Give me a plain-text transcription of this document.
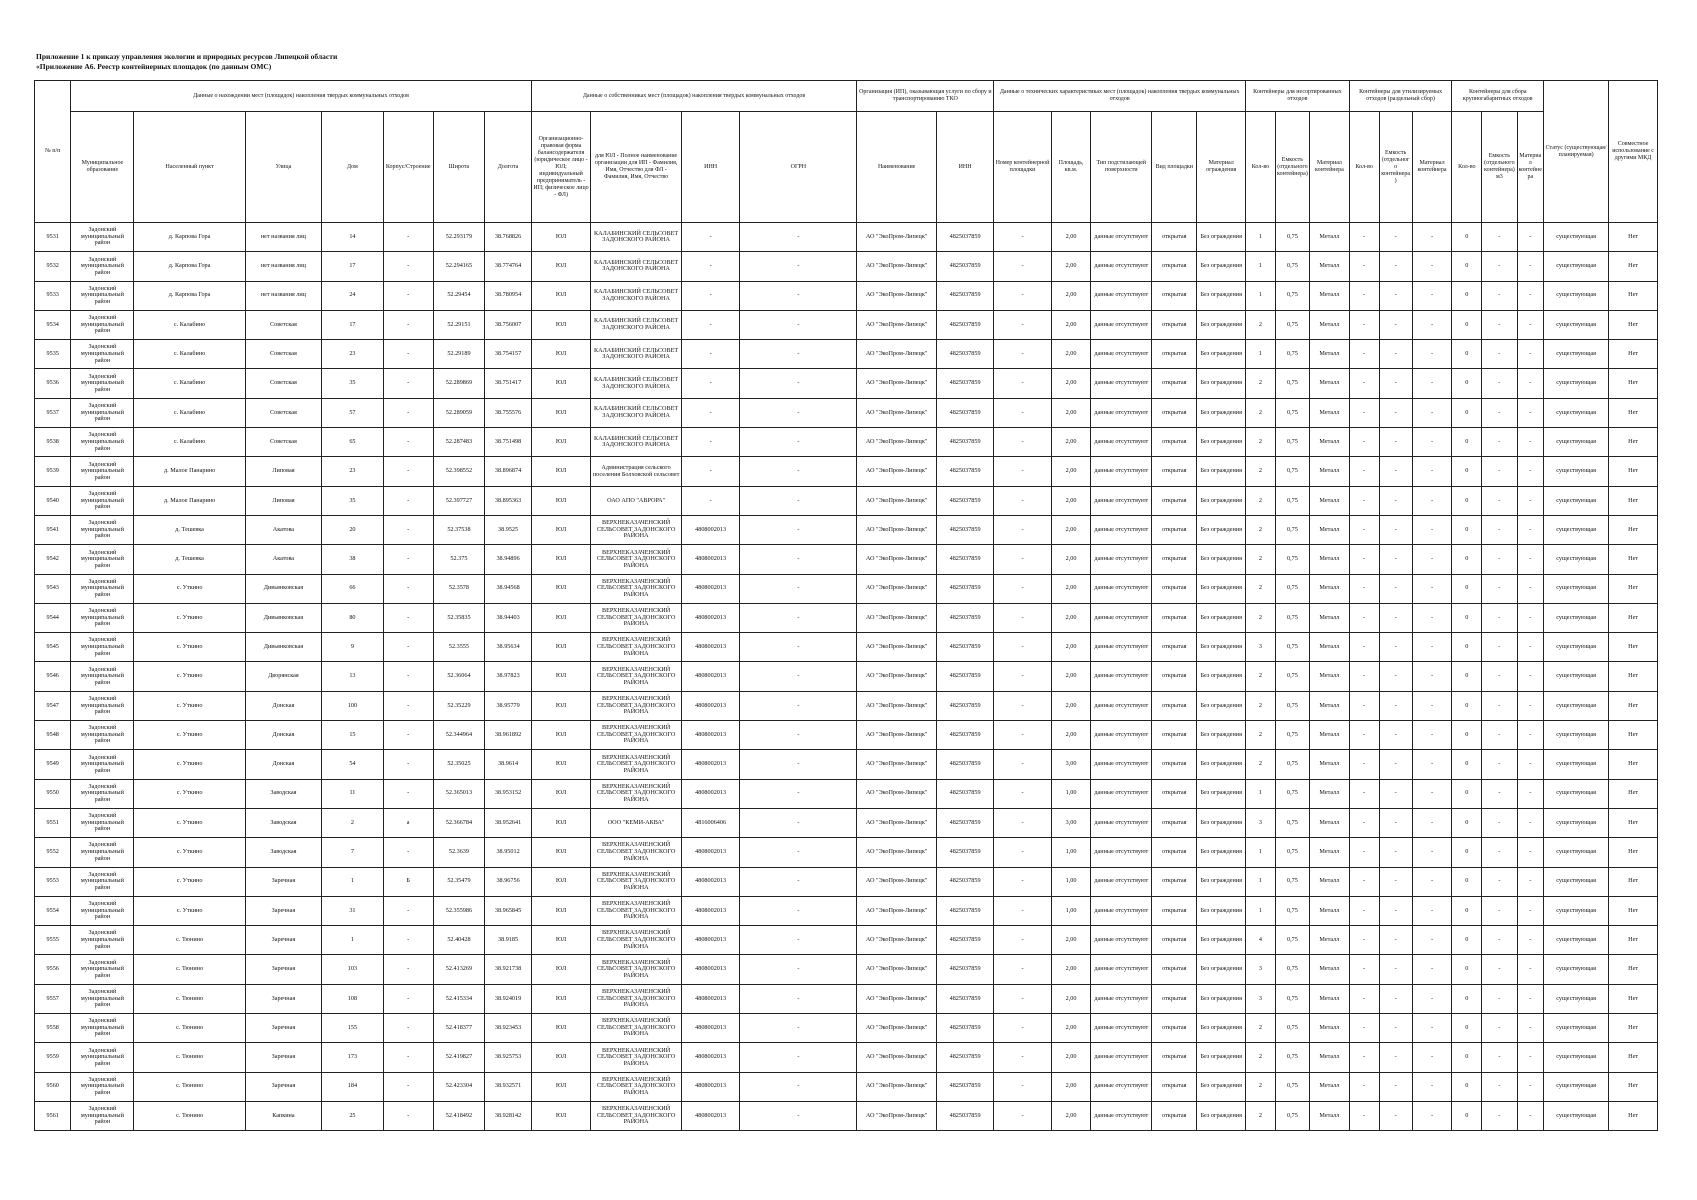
Приложение 1 к приказу управления экологии и природных ресурсов Липецкой области
«Приложение А6. Реестр контейнерных площадок (по данным ОМС)
№ п/п	Данные о нахождении мест (площадок) накопления твердых коммунальных отходов							Данные о собственниках мест (площадок) накопления твердых коммунальных отходов				Организация (ИП), оказывающая услуги по сбору и транспортированию ТКО		Данные о технических характеристиках мест (площадок) накопления твердых коммунальных отходов					Контейнеры для несортированных отходов			Контейнеры для утилизируемых отходов (раздельный сбор)			Контейнеры для сбора крупногабаритных отходов			Статус (существующая/ планируемая)	Совместное использование с другими МКД
	Муниципальное образование	Населенный пункт	Улица	Дом	Корпус/Строение	Широта	Долгота	Организационно-правовая форма балансодержателя (юридическое лицо - ЮЛ; индивидуальный предприниматель - ИП; физическое лицо - ФЛ)	для ЮЛ - Полное наименование организации для ИП - Фамилия, Имя, Отчество для ФЛ - Фамилия, Имя, Отчество	ИНН	ОГРН	Наименование	ИНН	Номер контейнерной площадки	Площадь, кв.м.	Тип подстилающей поверхности	Вид площадки	Материал ограждения	Кол-во	Емкость (отдельного контейнера)	Материал контейнера	Кол-во	Емкость (отдельного контейнера)	Материал контейнера	Кол-во	Емкость (отдельного контейнера) м3	Материал контейнера		
9531	Задонский муниципальный район	д. Карпова Гора	нет названия лиц	14	-	52.293179	38.768826	ЮЛ	КАЛАБИНСКИЙ СЕЛЬСОВЕТ ЗАДОНСКОГО РАЙОНА	-	-	АО "ЭкоПром-Липецк"	4825037859	-	2,00	данные отсутствуют	открытая	Без ограждения	1	0,75	Металл	-	-	-	0	-	-	существующая	Нет
9532	Задонский муниципальный район	д. Карпова Гора	нет названия лиц	17	-	52.294165	38.774764	ЮЛ	КАЛАБИНСКИЙ СЕЛЬСОВЕТ ЗАДОНСКОГО РАЙОНА	-	-	АО "ЭкоПром-Липецк"	4825037859	-	2,00	данные отсутствуют	открытая	Без ограждения	1	0,75	Металл	-	-	-	0	-	-	существующая	Нет
9533	Задонский муниципальный район	д. Карпова Гора	нет названия лиц	24	-	52.29454	38.780954	ЮЛ	КАЛАБИНСКИЙ СЕЛЬСОВЕТ ЗАДОНСКОГО РАЙОНА	-	-	АО "ЭкоПром-Липецк"	4825037859	-	2,00	данные отсутствуют	открытая	Без ограждения	1	0,75	Металл	-	-	-	0	-	-	существующая	Нет
9534	Задонский муниципальный район	с. Калабино	Советская	17	-	52.29151	38.756007	ЮЛ	КАЛАБИНСКИЙ СЕЛЬСОВЕТ ЗАДОНСКОГО РАЙОНА	-	-	АО "ЭкоПром-Липецк"	4825037859	-	2,00	данные отсутствуют	открытая	Без ограждения	2	0,75	Металл	-	-	-	0	-	-	существующая	Нет
9535	Задонский муниципальный район	с. Калабино	Советская	23	-	52.29189	38.754157	ЮЛ	КАЛАБИНСКИЙ СЕЛЬСОВЕТ ЗАДОНСКОГО РАЙОНА	-	-	АО "ЭкоПром-Липецк"	4825037859	-	2,00	данные отсутствуют	открытая	Без ограждения	1	0,75	Металл	-	-	-	0	-	-	существующая	Нет
9536	Задонский муниципальный район	с. Калабино	Советская	35	-	52.289869	38.751417	ЮЛ	КАЛАБИНСКИЙ СЕЛЬСОВЕТ ЗАДОНСКОГО РАЙОНА	-	-	АО "ЭкоПром-Липецк"	4825037859	-	2,00	данные отсутствуют	открытая	Без ограждения	2	0,75	Металл	-	-	-	0	-	-	существующая	Нет
9537	Задонский муниципальный район	с. Калабино	Советская	57	-	52.289059	38.755576	ЮЛ	КАЛАБИНСКИЙ СЕЛЬСОВЕТ ЗАДОНСКОГО РАЙОНА	-	-	АО "ЭкоПром-Липецк"	4825037859	-	2,00	данные отсутствуют	открытая	Без ограждения	2	0,75	Металл	-	-	-	0	-	-	существующая	Нет
9538	Задонский муниципальный район	с. Калабино	Советская	65	-	52.287483	38.751498	ЮЛ	КАЛАБИНСКИЙ СЕЛЬСОВЕТ ЗАДОНСКОГО РАЙОНА	-	-	АО "ЭкоПром-Липецк"	4825037859	-	2,00	данные отсутствуют	открытая	Без ограждения	2	0,75	Металл	-	-	-	0	-	-	существующая	Нет
9539	Задонский муниципальный район	д. Малое Панарино	Липовая	23	-	52.398552	38.896874	ЮЛ	Администрация сельского поселения Болховской сельсовет	-	-	АО "ЭкоПром-Липецк"	4825037859	-	2,00	данные отсутствуют	открытая	Без ограждения	2	0,75	Металл	-	-	-	0	-	-	существующая	Нет
9540	Задонский муниципальный район	д. Малое Панарино	Липовая	35	-	52.397727	38.895363	ЮЛ	ОАО АПО "АВРОРА"	-	-	АО "ЭкоПром-Липецк"	4825037859	-	2,00	данные отсутствуют	открытая	Без ограждения	2	0,75	Металл	-	-	-	0	-	-	существующая	Нет
9541	Задонский муниципальный район	д. Тешевка	Акатова	20	-	52.37538	38.9525	ЮЛ	ВЕРХНЕКАЗАЧЕНСКИЙ СЕЛЬСОВЕТ ЗАДОНСКОГО РАЙОНА	4808002013	-	АО "ЭкоПром-Липецк"	4825037859	-	2,00	данные отсутствуют	открытая	Без ограждения	2	0,75	Металл	-	-	-	0	-	-	существующая	Нет
9542	Задонский муниципальный район	д. Тешевка	Акатова	38	-	52.375	38.94896	ЮЛ	ВЕРХНЕКАЗАЧЕНСКИЙ СЕЛЬСОВЕТ ЗАДОНСКОГО РАЙОНА	4808002013	-	АО "ЭкоПром-Липецк"	4825037859	-	2,00	данные отсутствуют	открытая	Без ограждения	2	0,75	Металл	-	-	-	0	-	-	существующая	Нет
9543	Задонский муниципальный район	с. Уткино	Дивьянковская	66	-	52.3578	38.94568	ЮЛ	ВЕРХНЕКАЗАЧЕНСКИЙ СЕЛЬСОВЕТ ЗАДОНСКОГО РАЙОНА	4808002013	-	АО "ЭкоПром-Липецк"	4825037859	-	2,00	данные отсутствуют	открытая	Без ограждения	2	0,75	Металл	-	-	-	0	-	-	существующая	Нет
9544	Задонский муниципальный район	с. Уткино	Дивьянковская	80	-	52.35835	38.94403	ЮЛ	ВЕРХНЕКАЗАЧЕНСКИЙ СЕЛЬСОВЕТ ЗАДОНСКОГО РАЙОНА	4808002013	-	АО "ЭкоПром-Липецк"	4825037859	-	2,00	данные отсутствуют	открытая	Без ограждения	2	0,75	Металл	-	-	-	0	-	-	существующая	Нет
9545	Задонский муниципальный район	с. Уткино	Дивьянковская	9	-	52.3555	38.95634	ЮЛ	ВЕРХНЕКАЗАЧЕНСКИЙ СЕЛЬСОВЕТ ЗАДОНСКОГО РАЙОНА	4808002013	-	АО "ЭкоПром-Липецк"	4825037859	-	2,00	данные отсутствуют	открытая	Без ограждения	3	0,75	Металл	-	-	-	0	-	-	существующая	Нет
9546	Задонский муниципальный район	с. Уткино	Дворянская	13	-	52.36064	38.97823	ЮЛ	ВЕРХНЕКАЗАЧЕНСКИЙ СЕЛЬСОВЕТ ЗАДОНСКОГО РАЙОНА	4808002013	-	АО "ЭкоПром-Липецк"	4825037859	-	2,00	данные отсутствуют	открытая	Без ограждения	2	0,75	Металл	-	-	-	0	-	-	существующая	Нет
9547	Задонский муниципальный район	с. Уткино	Донская	100	-	52.35229	38.95779	ЮЛ	ВЕРХНЕКАЗАЧЕНСКИЙ СЕЛЬСОВЕТ ЗАДОНСКОГО РАЙОНА	4808002013	-	АО "ЭкоПром-Липецк"	4825037859	-	2,00	данные отсутствуют	открытая	Без ограждения	2	0,75	Металл	-	-	-	0	-	-	существующая	Нет
9548	Задонский муниципальный район	с. Уткино	Донская	15	-	52.344964	38.961892	ЮЛ	ВЕРХНЕКАЗАЧЕНСКИЙ СЕЛЬСОВЕТ ЗАДОНСКОГО РАЙОНА	4808002013	-	АО "ЭкоПром-Липецк"	4825037859	-	2,00	данные отсутствуют	открытая	Без ограждения	2	0,75	Металл	-	-	-	0	-	-	существующая	Нет
9549	Задонский муниципальный район	с. Уткино	Донская	54	-	52.35025	38.9614	ЮЛ	ВЕРХНЕКАЗАЧЕНСКИЙ СЕЛЬСОВЕТ ЗАДОНСКОГО РАЙОНА	4808002013	-	АО "ЭкоПром-Липецк"	4825037859	-	3,00	данные отсутствуют	открытая	Без ограждения	2	0,75	Металл	-	-	-	0	-	-	существующая	Нет
9550	Задонский муниципальный район	с. Уткино	Заводская	11	-	52.365013	38.953152	ЮЛ	ВЕРХНЕКАЗАЧЕНСКИЙ СЕЛЬСОВЕТ ЗАДОНСКОГО РАЙОНА	4808002013	-	АО "ЭкоПром-Липецк"	4825037859	-	1,00	данные отсутствуют	открытая	Без ограждения	1	0,75	Металл	-	-	-	0	-	-	существующая	Нет
9551	Задонский муниципальный район	с. Уткино	Заводская	2	а	52.366784	38.952641	ЮЛ	ООО "КЕМИ-АКВА"	4816006406	-	АО "ЭкоПром-Липецк"	4825037859	-	3,00	данные отсутствуют	открытая	Без ограждения	3	0,75	Металл	-	-	-	0	-	-	существующая	Нет
9552	Задонский муниципальный район	с. Уткино	Заводская	7	-	52.3639	38.95012	ЮЛ	ВЕРХНЕКАЗАЧЕНСКИЙ СЕЛЬСОВЕТ ЗАДОНСКОГО РАЙОНА	4808002013	-	АО "ЭкоПром-Липецк"	4825037859	-	1,00	данные отсутствуют	открытая	Без ограждения	1	0,75	Металл	-	-	-	0	-	-	существующая	Нет
9553	Задонский муниципальный район	с. Уткино	Заречная	1	Б	52.35479	38.96756	ЮЛ	ВЕРХНЕКАЗАЧЕНСКИЙ СЕЛЬСОВЕТ ЗАДОНСКОГО РАЙОНА	4808002013	-	АО "ЭкоПром-Липецк"	4825037859	-	1,00	данные отсутствуют	открытая	Без ограждения	1	0,75	Металл	-	-	-	0	-	-	существующая	Нет
9554	Задонский муниципальный район	с. Уткино	Заречная	31	-	52.355986	38.965845	ЮЛ	ВЕРХНЕКАЗАЧЕНСКИЙ СЕЛЬСОВЕТ ЗАДОНСКОГО РАЙОНА	4808002013	-	АО "ЭкоПром-Липецк"	4825037859	-	1,00	данные отсутствуют	открытая	Без ограждения	1	0,75	Металл	-	-	-	0	-	-	существующая	Нет
9555	Задонский муниципальный район	с. Тюнино	Заречная	1	-	52.40428	38.9185	ЮЛ	ВЕРХНЕКАЗАЧЕНСКИЙ СЕЛЬСОВЕТ ЗАДОНСКОГО РАЙОНА	4808002013	-	АО "ЭкоПром-Липецк"	4825037859	-	2,00	данные отсутствуют	открытая	Без ограждения	4	0,75	Металл	-	-	-	0	-	-	существующая	Нет
9556	Задонский муниципальный район	с. Тюнино	Заречная	103	-	52.413269	38.921738	ЮЛ	ВЕРХНЕКАЗАЧЕНСКИЙ СЕЛЬСОВЕТ ЗАДОНСКОГО РАЙОНА	4808002013	-	АО "ЭкоПром-Липецк"	4825037859	-	2,00	данные отсутствуют	открытая	Без ограждения	3	0,75	Металл	-	-	-	0	-	-	существующая	Нет
9557	Задонский муниципальный район	с. Тюнино	Заречная	108	-	52.415334	38.924019	ЮЛ	ВЕРХНЕКАЗАЧЕНСКИЙ СЕЛЬСОВЕТ ЗАДОНСКОГО РАЙОНА	4808002013	-	АО "ЭкоПром-Липецк"	4825037859	-	2,00	данные отсутствуют	открытая	Без ограждения	3	0,75	Металл	-	-	-	0	-	-	существующая	Нет
9558	Задонский муниципальный район	с. Тюнино	Заречная	155	-	52.418377	38.923453	ЮЛ	ВЕРХНЕКАЗАЧЕНСКИЙ СЕЛЬСОВЕТ ЗАДОНСКОГО РАЙОНА	4808002013	-	АО "ЭкоПром-Липецк"	4825037859	-	2,00	данные отсутствуют	открытая	Без ограждения	2	0,75	Металл	-	-	-	0	-	-	существующая	Нет
9559	Задонский муниципальный район	с. Тюнино	Заречная	173	-	52.419827	38.925753	ЮЛ	ВЕРХНЕКАЗАЧЕНСКИЙ СЕЛЬСОВЕТ ЗАДОНСКОГО РАЙОНА	4808002013	-	АО "ЭкоПром-Липецк"	4825037859	-	2,00	данные отсутствуют	открытая	Без ограждения	2	0,75	Металл	-	-	-	0	-	-	существующая	Нет
9560	Задонский муниципальный район	с. Тюнино	Заречная	184	-	52.423304	38.932571	ЮЛ	ВЕРХНЕКАЗАЧЕНСКИЙ СЕЛЬСОВЕТ ЗАДОНСКОГО РАЙОНА	4808002013	-	АО "ЭкоПром-Липецк"	4825037859	-	2,00	данные отсутствуют	открытая	Без ограждения	2	0,75	Металл	-	-	-	0	-	-	существующая	Нет
9561	Задонский муниципальный район	с. Тюнино	Капкина	25	-	52.418492	38.928142	ЮЛ	ВЕРХНЕКАЗАЧЕНСКИЙ СЕЛЬСОВЕТ ЗАДОНСКОГО РАЙОНА	4808002013	-	АО "ЭкоПром-Липецк"	4825037859	-	2,00	данные отсутствуют	открытая	Без ограждения	2	0,75	Металл	-	-	-	0	-	-	существующая	Нет
